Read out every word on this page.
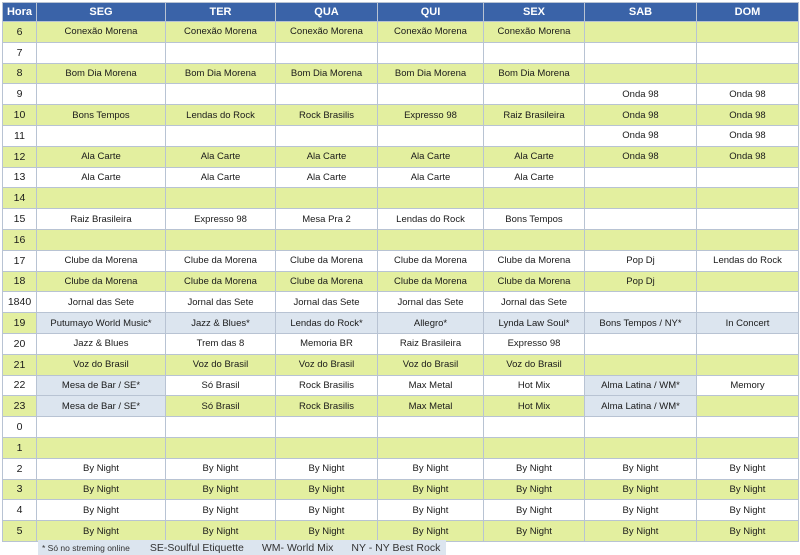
Hora	SEG	TER	QUA	QUI	SEX	SAB	DOM
6	Conexão Morena	Conexão Morena	Conexão Morena	Conexão Morena	Conexão Morena		
7							
8	Bom Dia Morena	Bom Dia Morena	Bom Dia Morena	Bom Dia Morena	Bom Dia Morena		
9						Onda 98	Onda 98
10	Bons Tempos	Lendas do Rock	Rock Brasilis	Expresso 98	Raiz Brasileira	Onda 98	Onda 98
11						Onda 98	Onda 98
12	Ala Carte	Ala Carte	Ala Carte	Ala Carte	Ala Carte	Onda 98	Onda 98
13	Ala Carte	Ala Carte	Ala Carte	Ala Carte	Ala Carte		
14							
15	Raiz Brasileira	Expresso 98	Mesa Pra 2	Lendas do Rock	Bons Tempos		
16							
17	Clube da Morena	Clube da Morena	Clube da Morena	Clube da Morena	Clube da Morena	Pop Dj	Lendas do Rock
18	Clube da Morena	Clube da Morena	Clube da Morena	Clube da Morena	Clube da Morena	Pop Dj	
1840	Jornal das Sete	Jornal das Sete	Jornal das Sete	Jornal das Sete	Jornal das Sete		
19	Putumayo World Music*	Jazz & Blues*	Lendas do Rock*	Allegro*	Lynda Law Soul*	Bons Tempos / NY*	In Concert
20	Jazz & Blues	Trem das 8	Memoria BR	Raiz Brasileira	Expresso 98		
21	Voz do Brasil	Voz do Brasil	Voz do Brasil	Voz do Brasil	Voz do Brasil		
22	Mesa de Bar / SE*	Só Brasil	Rock Brasilis	Max Metal	Hot Mix	Alma Latina / WM*	Memory
23	Mesa de Bar / SE*	Só Brasil	Rock Brasilis	Max Metal	Hot Mix	Alma Latina / WM*	
0							
1							
2	By Night	By Night	By Night	By Night	By Night	By Night	By Night
3	By Night	By Night	By Night	By Night	By Night	By Night	By Night
4	By Night	By Night	By Night	By Night	By Night	By Night	By Night
5	By Night	By Night	By Night	By Night	By Night	By Night	By Night
* Só no streming online SE-Soulful Etiquette WM- World Mix NY - NY Best Rock
